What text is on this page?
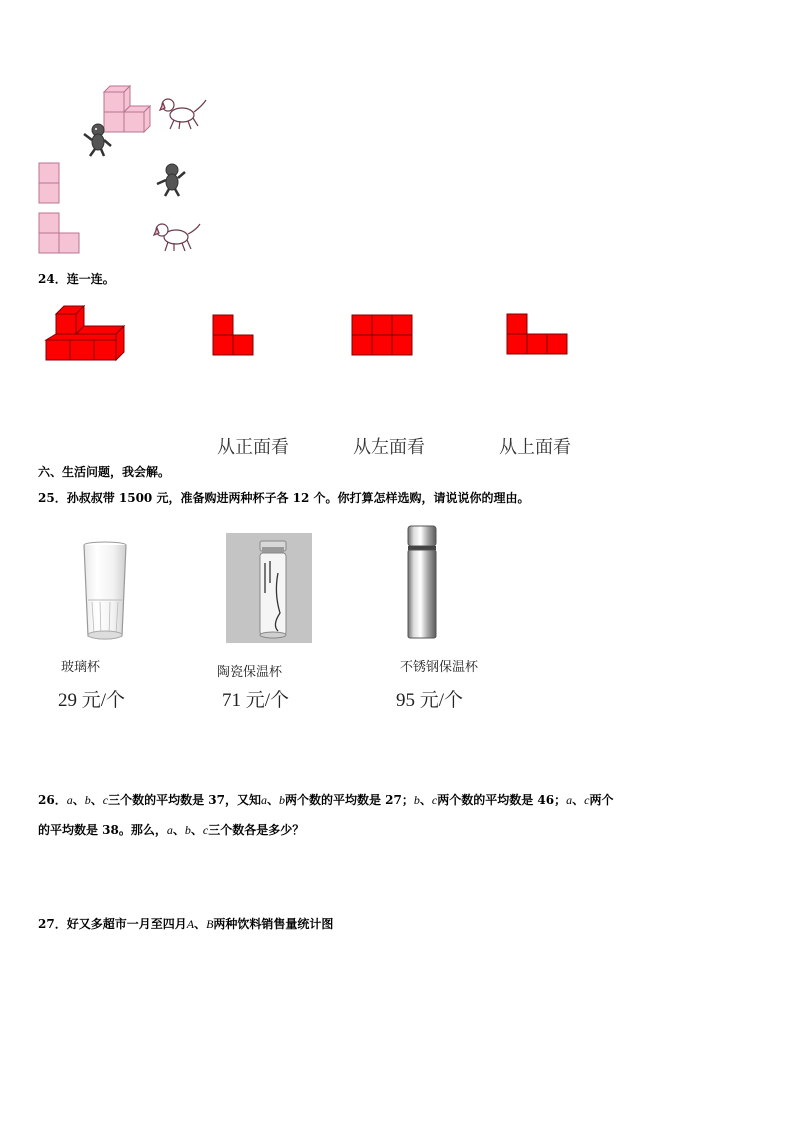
24．连一连。
从正面看	从左面看	从上面看
六、生活问题，我会解。
25．孙叔叔带 1500 元，准备购进两种杯子各 12 个。你打算怎样选购，请说说你的理由。
玻璃杯	陶瓷保温杯	不锈钢保温杯
29 元/个	71 元/个	95 元/个
26．a、b、c三个数的平均数是 37，又知a、b两个数的平均数是 27；b、c两个数的平均数是 46；a、c两个
的平均数是 38。那么，a、b、c三个数各是多少？
27．好又多超市一月至四月A、B两种饮料销售量统计图
